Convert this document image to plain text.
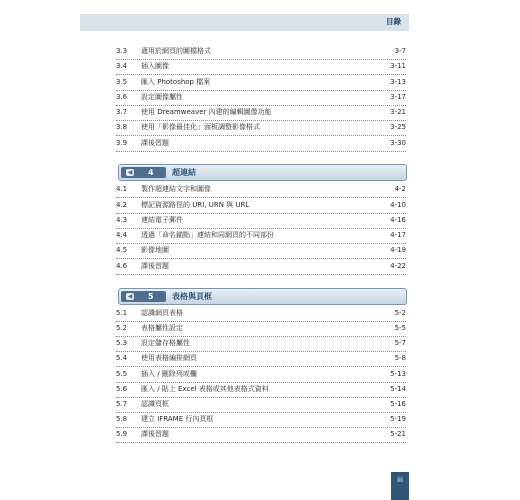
目錄
3.3 適用於網頁的圖檔格式	3-7
3.4 插入圖像	3-11
3.5 匯入 Photoshop 檔案	3-13
3.6 設定圖像屬性	3-17
3.7 使用 Dreamweaver 內建的編輯圖像功能	3-21
3.8 使用「影像最佳化」面板調整影像格式	3-25
3.9 課後習題	3-30
◀ 4 超連結
4.1 製作超連結文字和圖像	4-2
4.2 標記資源路徑的 URI, URN 與 URL	4-10
4.3 連結電子郵件	4-16
4.4 透過「命名錨點」連結和同網頁的不同部份	4-17
4.5 影像地圖	4-19
4.6 課後習題	4-22
◀ 5 表格與頁框
5.1 認識網頁表格	5-2
5.2 表格屬性設定	5-5
5.3 設定儲存格屬性	5-7
5.4 使用表格編排網頁	5-8
5.5 插入 / 刪除列或欄	5-13
5.6 匯入 / 貼上 Excel 表格或其他表格式資料	5-14
5.7 認識頁框	5-16
5.8 建立 IFRAME 行內頁框	5-19
5.9 課後習題	5-21
iii
